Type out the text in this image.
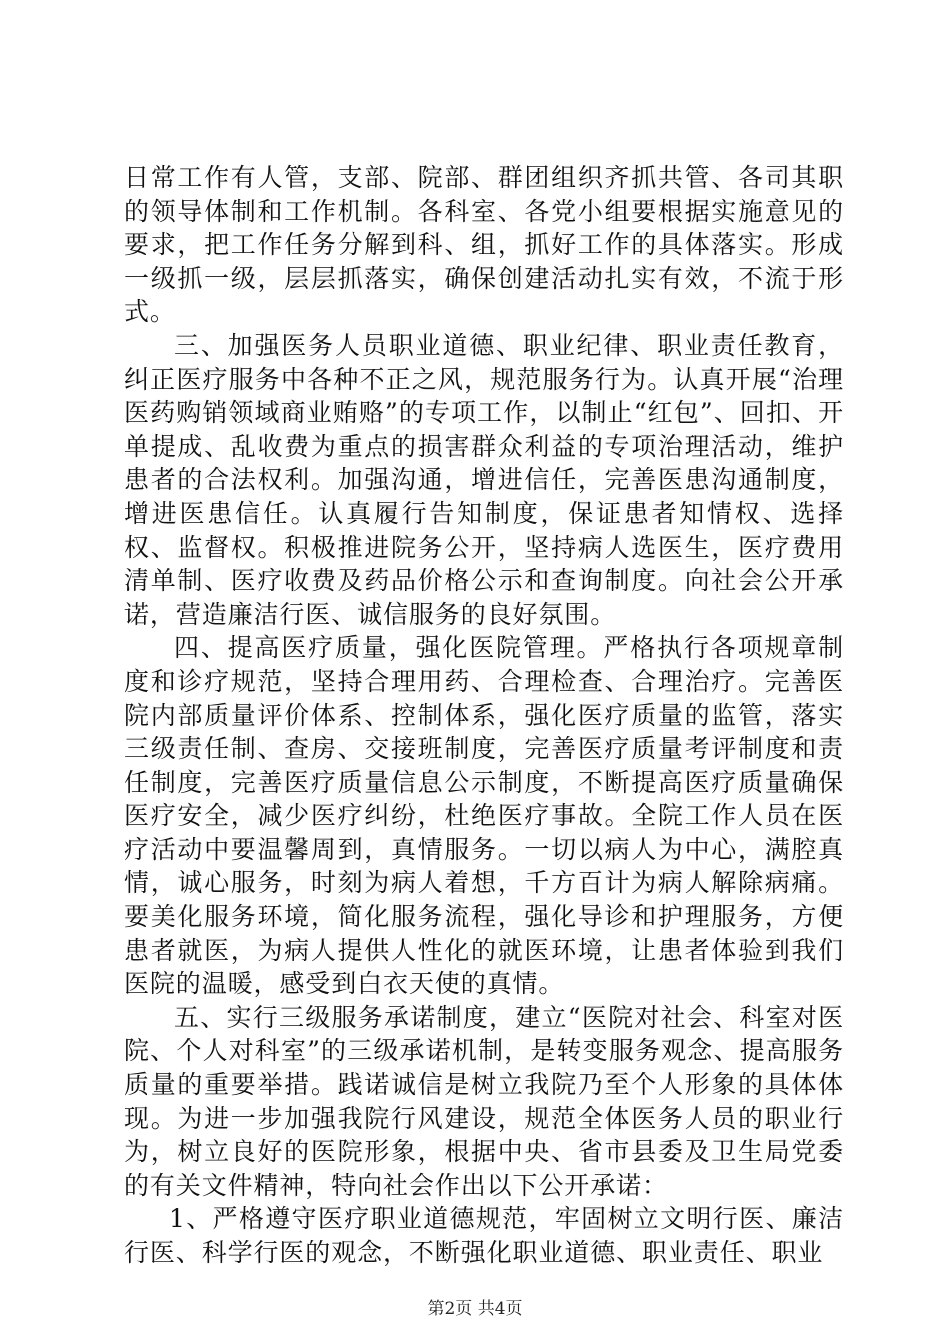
日常工作有人管，支部、院部、群团组织齐抓共管、各司其职的领导体制和工作机制。各科室、各党小组要根据实施意见的要求，把工作任务分解到科、组，抓好工作的具体落实。形成一级抓一级，层层抓落实，确保创建活动扎实有效，不流于形式。

三、加强医务人员职业道德、职业纪律、职业责任教育，纠正医疗服务中各种不正之风，规范服务行为。认真开展“治理医药购销领域商业贿赂”的专项工作，以制止“红包”、回扣、开单提成、乱收费为重点的损害群众利益的专项治理活动，维护患者的合法权利。加强沟通，增进信任，完善医患沟通制度，增进医患信任。认真履行告知制度，保证患者知情权、选择权、监督权。积极推进院务公开，坚持病人选医生，医疗费用清单制、医疗收费及药品价格公示和查询制度。向社会公开承诺，营造廉洁行医、诚信服务的良好氛围。

四、提高医疗质量，强化医院管理。严格执行各项规章制度和诊疗规范，坚持合理用药、合理检查、合理治疗。完善医院内部质量评价体系、控制体系，强化医疗质量的监管，落实三级责任制、查房、交接班制度，完善医疗质量考评制度和责任制度，完善医疗质量信息公示制度，不断提高医疗质量确保医疗安全，减少医疗纠纷，杜绝医疗事故。全院工作人员在医疗活动中要温馨周到，真情服务。一切以病人为中心，满腔真情，诚心服务，时刻为病人着想，千方百计为病人解除病痛。要美化服务环境，简化服务流程，强化导诊和护理服务，方便患者就医，为病人提供人性化的就医环境，让患者体验到我们医院的温暖，感受到白衣天使的真情。

五、实行三级服务承诺制度，建立“医院对社会、科室对医院、个人对科室”的三级承诺机制，是转变服务观念、提高服务质量的重要举措。践诺诚信是树立我院乃至个人形象的具体体现。为进一步加强我院行风建设，规范全体医务人员的职业行为，树立良好的医院形象，根据中央、省市县委及卫生局党委的有关文件精神，特向社会作出以下公开承诺：

1、严格遵守医疗职业道德规范，牢固树立文明行医、廉洁行医、科学行医的观念，不断强化职业道德、职业责任、职业

第2页 共4页
